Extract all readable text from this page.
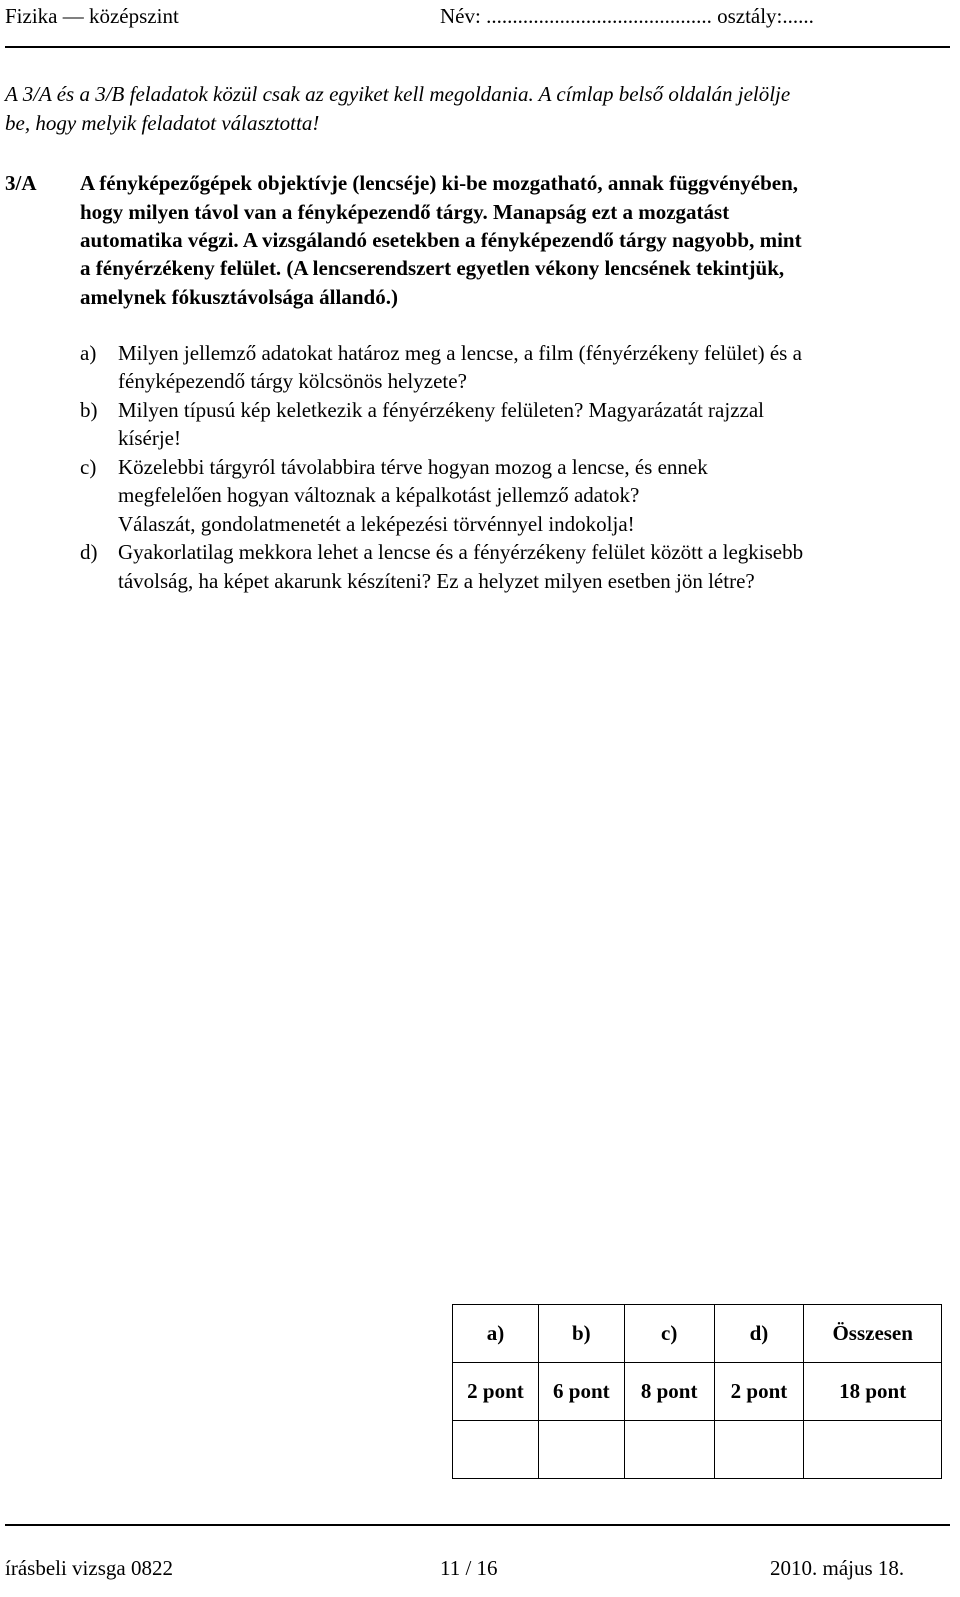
Fizika — középszint	Név: ........................................... osztály:......
A 3/A és a 3/B feladatok közül csak az egyiket kell megoldania. A címlap belső oldalán jelölje
be, hogy melyik feladatot választotta!
3/A A fényképezőgépek objektívje (lencséje) ki-be mozgatható, annak függvényében,
hogy milyen távol van a fényképezendő tárgy. Manapság ezt a mozgatást
automatika végzi. A vizsgálandó esetekben a fényképezendő tárgy nagyobb, mint
a fényérzékeny felület. (A lencserendszert egyetlen vékony lencsének tekintjük,
amelynek fókusztávolsága állandó.)
a) Milyen jellemző adatokat határoz meg a lencse, a film (fényérzékeny felület) és a
fényképezendő tárgy kölcsönös helyzete?
b) Milyen típusú kép keletkezik a fényérzékeny felületen? Magyarázatát rajzzal
kísérje!
c) Közelebbi tárgyról távolabbira térve hogyan mozog a lencse, és ennek
megfelelően hogyan változnak a képalkotást jellemző adatok?
Válaszát, gondolatmenetét a leképezési törvénnyel indokolja!
d) Gyakorlatilag mekkora lehet a lencse és a fényérzékeny felület között a legkisebb
távolság, ha képet akarunk készíteni? Ez a helyzet milyen esetben jön létre?
a)	b)	c)	d)	Összesen
2 pont	6 pont	8 pont	2 pont	18 pont

írásbeli vizsga 0822	11 / 16	2010. május 18.
